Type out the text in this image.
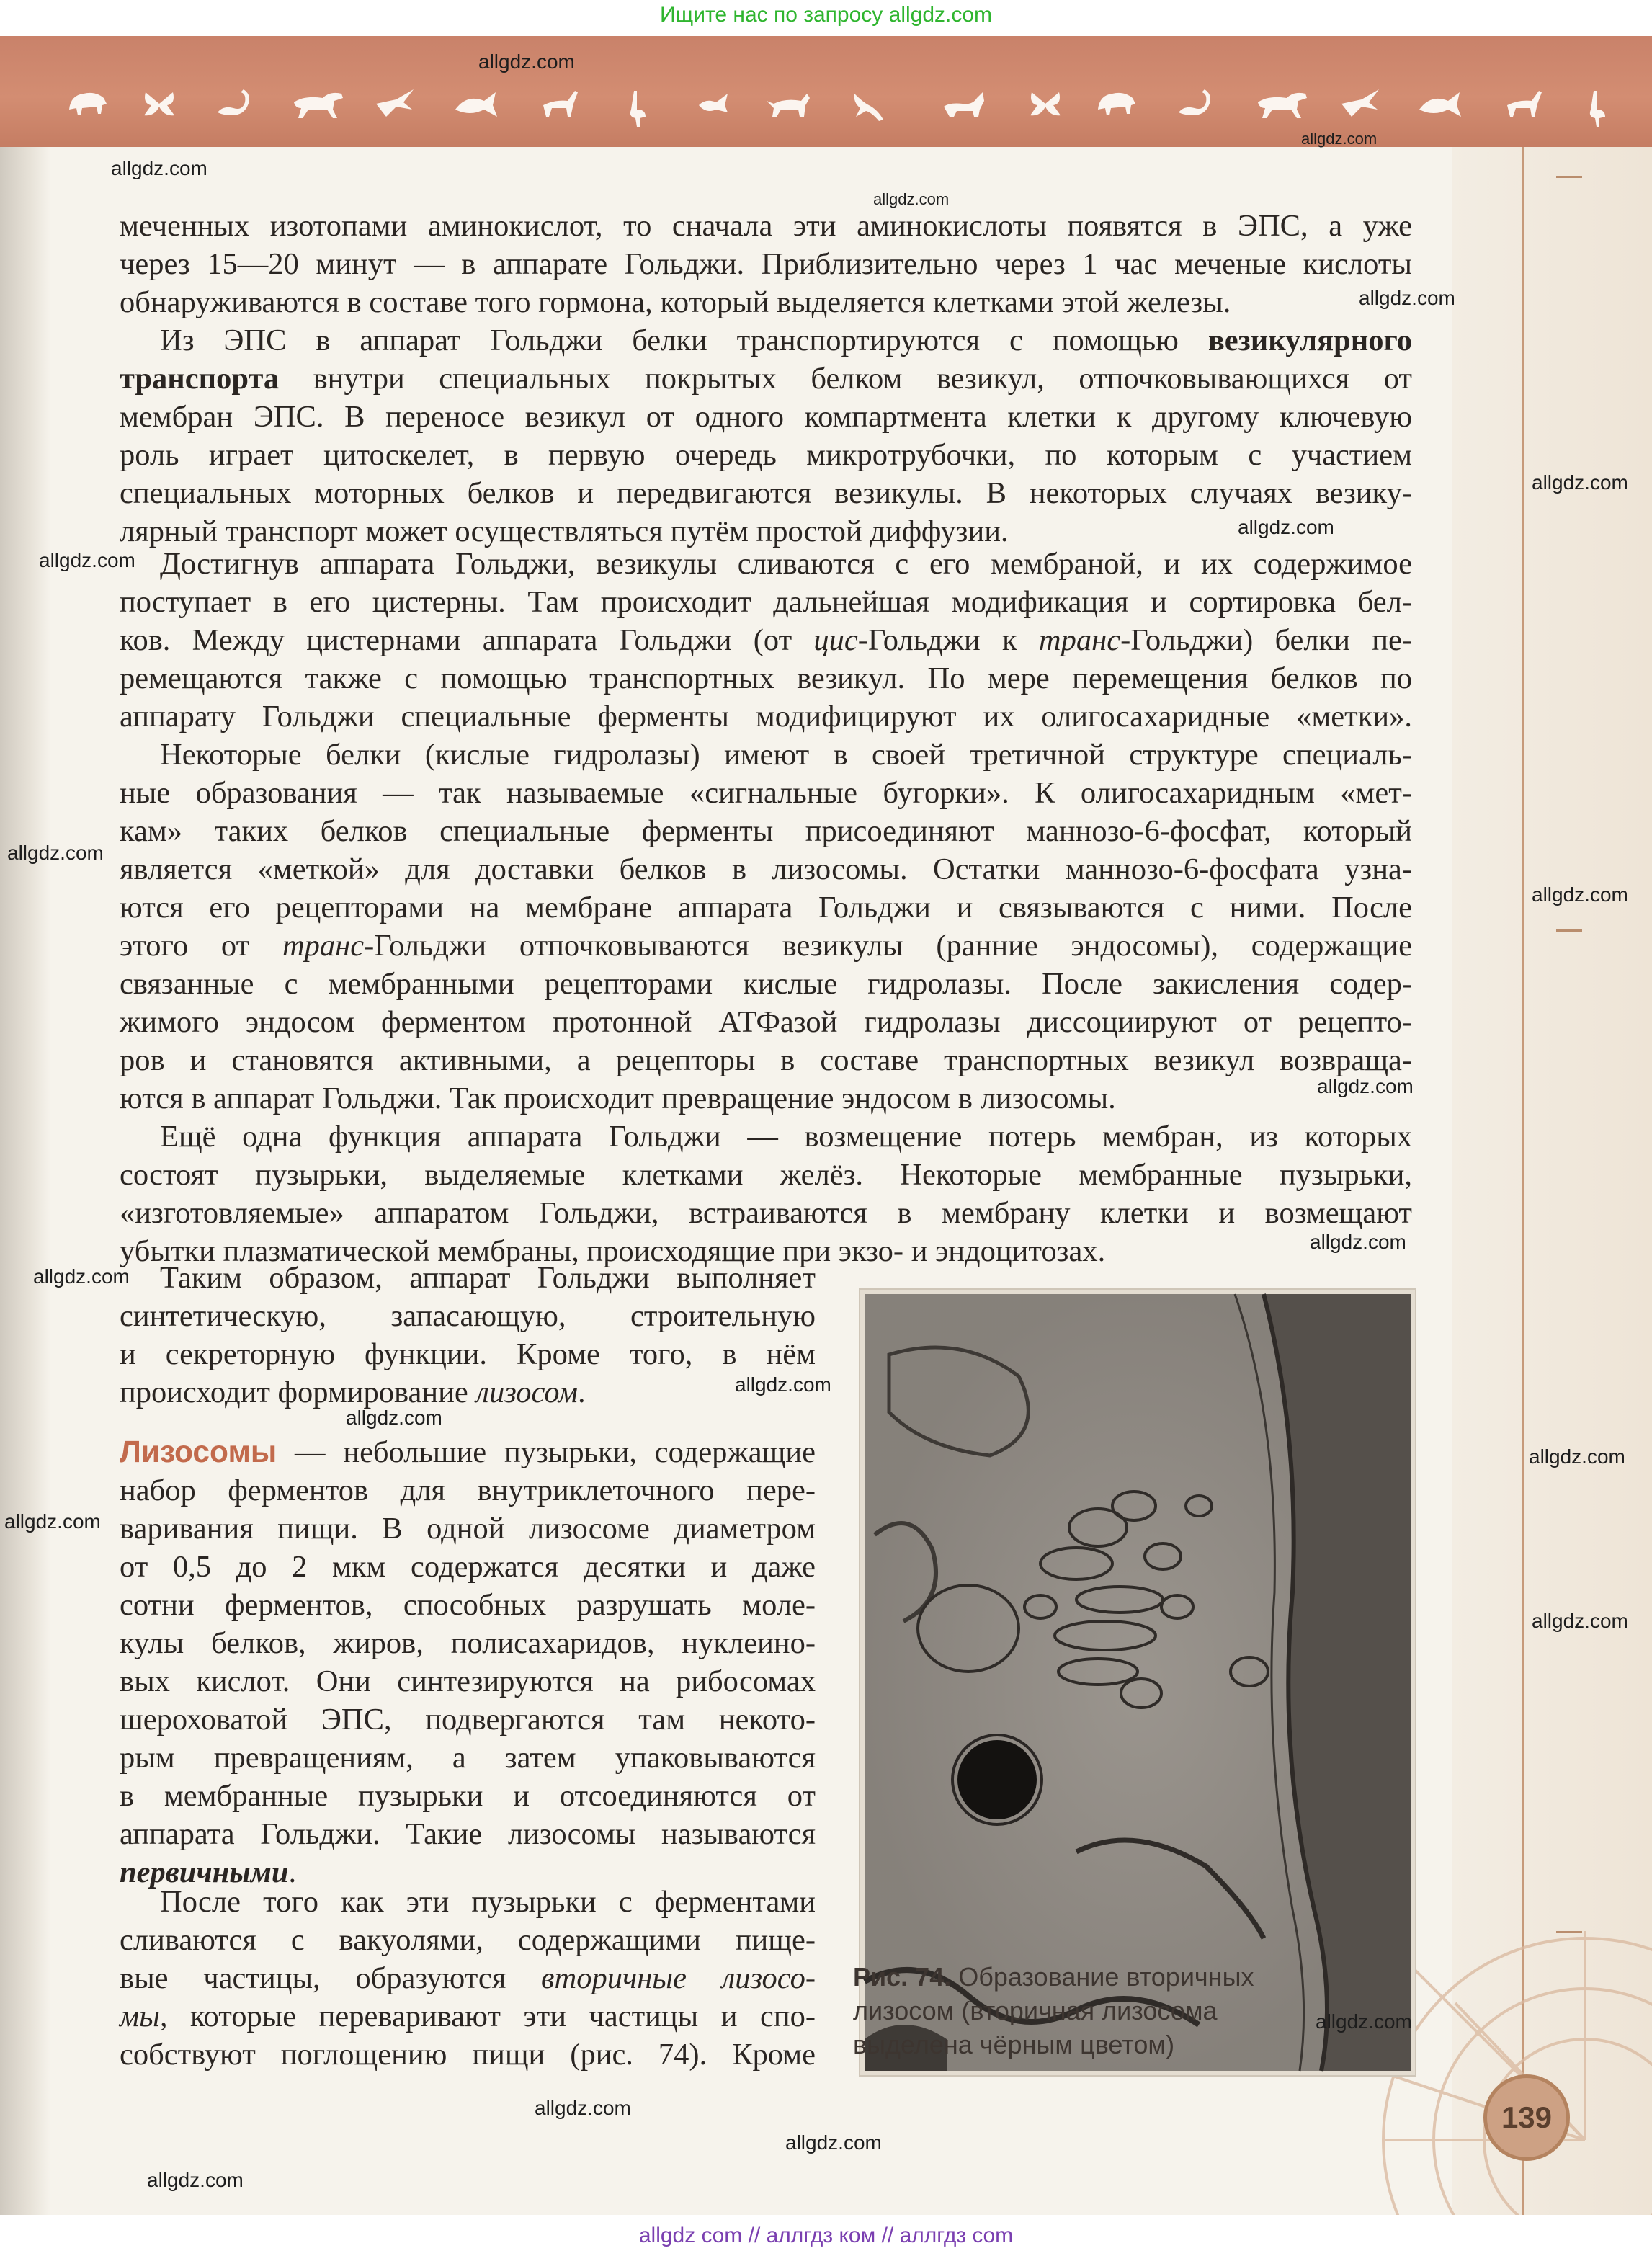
Ищите нас по запросу allgdz.com
меченных изотопами аминокислот, то сначала эти аминокислоты появятся в ЭПС, а уже
через 15—20 минут — в аппарате Гольджи. Приблизительно через 1 час меченые кислоты
обнаруживаются в составе того гормона, который выделяется клетками этой железы.
Из ЭПС в аппарат Гольджи белки транспортируются с помощью везикулярного
транспорта внутри специальных покрытых белком везикул, отпочковывающихся от
мембран ЭПС. В переносе везикул от одного компартмента клетки к другому ключевую
роль играет цитоскелет, в первую очередь микротрубочки, по которым с участием
специальных моторных белков и передвигаются везикулы. В некоторых случаях везику-
лярный транспорт может осуществляться путём простой диффузии.
Достигнув аппарата Гольджи, везикулы сливаются с его мембраной, и их содержимое
поступает в его цистерны. Там происходит дальнейшая модификация и сортировка бел-
ков. Между цистернами аппарата Гольджи (от цис-Гольджи к транс-Гольджи) белки пе-
ремещаются также с помощью транспортных везикул. По мере перемещения белков по
аппарату Гольджи специальные ферменты модифицируют их олигосахаридные «метки».
Некоторые белки (кислые гидролазы) имеют в своей третичной структуре специаль-
ные образования — так называемые «сигнальные бугорки». К олигосахаридным «мет-
кам» таких белков специальные ферменты присоединяют маннозо-6-фосфат, который
является «меткой» для доставки белков в лизосомы. Остатки маннозо-6-фосфата узна-
ются его рецепторами на мембране аппарата Гольджи и связываются с ними. После
этого от транс-Гольджи отпочковываются везикулы (ранние эндосомы), содержащие
связанные с мембранными рецепторами кислые гидролазы. После закисления содер-
жимого эндосом ферментом протонной АТФазой гидролазы диссоциируют от рецепто-
ров и становятся активными, а рецепторы в составе транспортных везикул возвраща-
ются в аппарат Гольджи. Так происходит превращение эндосом в лизосомы.
Ещё одна функция аппарата Гольджи — возмещение потерь мембран, из которых
состоят пузырьки, выделяемые клетками желёз. Некоторые мембранные пузырьки,
«изготовляемые» аппаратом Гольджи, встраиваются в мембрану клетки и возмещают
убытки плазматической мембраны, происходящие при экзо- и эндоцитозах.
Таким образом, аппарат Гольджи выполняет
синтетическую, запасающую, строительную
и секреторную функции. Кроме того, в нём
происходит формирование лизосом.
Лизосомы — небольшие пузырьки, содержащие
набор ферментов для внутриклеточного пере-
варивания пищи. В одной лизосоме диаметром
от 0,5 до 2 мкм содержатся десятки и даже
сотни ферментов, способных разрушать моле-
кулы белков, жиров, полисахаридов, нуклеино-
вых кислот. Они синтезируются на рибосомах
шероховатой ЭПС, подвергаются там некото-
рым превращениям, а затем упаковываются
в мембранные пузырьки и отсоединяются от
аппарата Гольджи. Такие лизосомы называются
первичными.
После того как эти пузырьки с ферментами
сливаются с вакуолями, содержащими пище-
вые частицы, образуются вторичные лизосо-
мы, которые переваривают эти частицы и спо-
собствуют поглощению пищи (рис. 74). Кроме
Рис. 74. Образование вторичных
лизосом (вторичная лизосома
выделена чёрным цветом)
139
allgdz.com
allgdz.com
allgdz.com
allgdz.com
allgdz.com
allgdz.com
allgdz.com
allgdz.com
allgdz.com
allgdz.com
allgdz.com
allgdz.com
allgdz.com
allgdz.com
allgdz.com
allgdz.com
allgdz.com
allgdz.com
allgdz.com
allgdz.com
allgdz.com
allgdz.com
allgdz com // аллгдз ком // аллгдз com
